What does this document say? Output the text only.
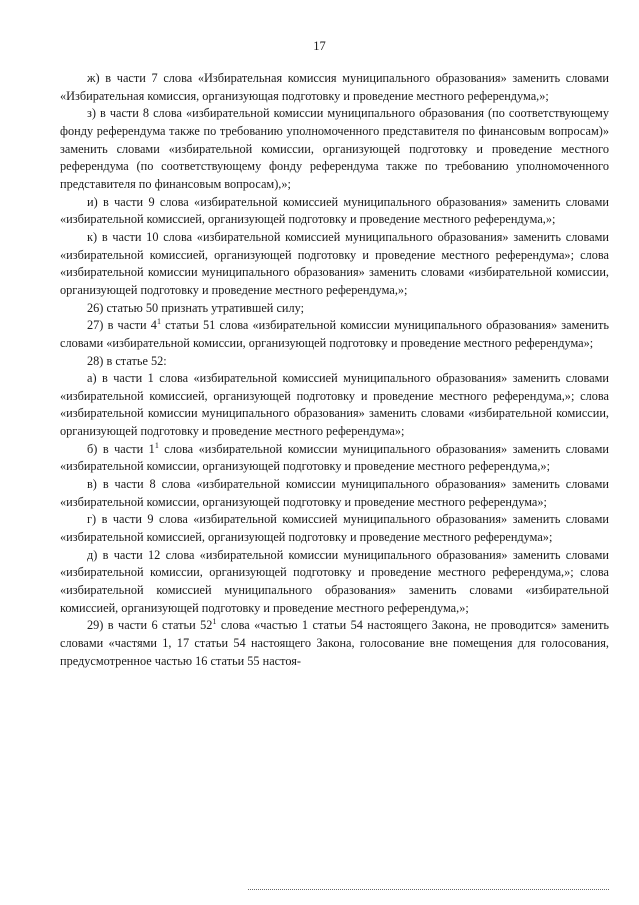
17

ж) в части 7 слова «Избирательная комиссия муниципального образования» заменить словами «Избирательная комиссия, организующая подготовку и проведение местного референдума,»;

з) в части 8 слова «избирательной комиссии муниципального образования (по соответствующему фонду референдума также по требованию уполномоченного представителя по финансовым вопросам)» заменить словами «избирательной комиссии, организующей подготовку и проведение местного референдума (по соответствующему фонду референдума также по требованию уполномоченного представителя по финансовым вопросам),»;

и) в части 9 слова «избирательной комиссией муниципального образования» заменить словами «избирательной комиссией, организующей подготовку и проведение местного референдума,»;

к) в части 10 слова «избирательной комиссией муниципального образования» заменить словами «избирательной комиссией, организующей подготовку и проведение местного референдума»; слова «избирательной комиссии муниципального образования» заменить словами «избирательной комиссии, организующей подготовку и проведение местного референдума,»;

26) статью 50 признать утратившей силу;

27) в части $4^1$ статьи 51 слова «избирательной комиссии муниципального образования» заменить словами «избирательной комиссии, организующей подготовку и проведение местного референдума»;

28) в статье 52:

а) в части 1 слова «избирательной комиссией муниципального образования» заменить словами «избирательной комиссией, организующей подготовку и проведение местного референдума,»; слова «избирательной комиссии муниципального образования» заменить словами «избирательной комиссии, организующей подготовку и проведение местного референдума»;

б) в части $1^1$ слова «избирательной комиссии муниципального образования» заменить словами «избирательной комиссии, организующей подготовку и проведение местного референдума,»;

в) в части 8 слова «избирательной комиссии муниципального образования» заменить словами «избирательной комиссии, организующей подготовку и проведение местного референдума»;

г) в части 9 слова «избирательной комиссией муниципального образования» заменить словами «избирательной комиссией, организующей подготовку и проведение местного референдума»;

д) в части 12 слова «избирательной комиссии муниципального образования» заменить словами «избирательной комиссии, организующей подготовку и проведение местного референдума,»; слова «избирательной комиссией муниципального образования» заменить словами «избирательной комиссией, организующей подготовку и проведение местного референдума,»;

29) в части 6 статьи $52^1$ слова «частью 1 статьи 54 настоящего Закона, не проводится» заменить словами «частями 1, 17 статьи 54 настоящего Закона, голосование вне помещения для голосования, предусмотренное частью 16 статьи 55 настоя-
